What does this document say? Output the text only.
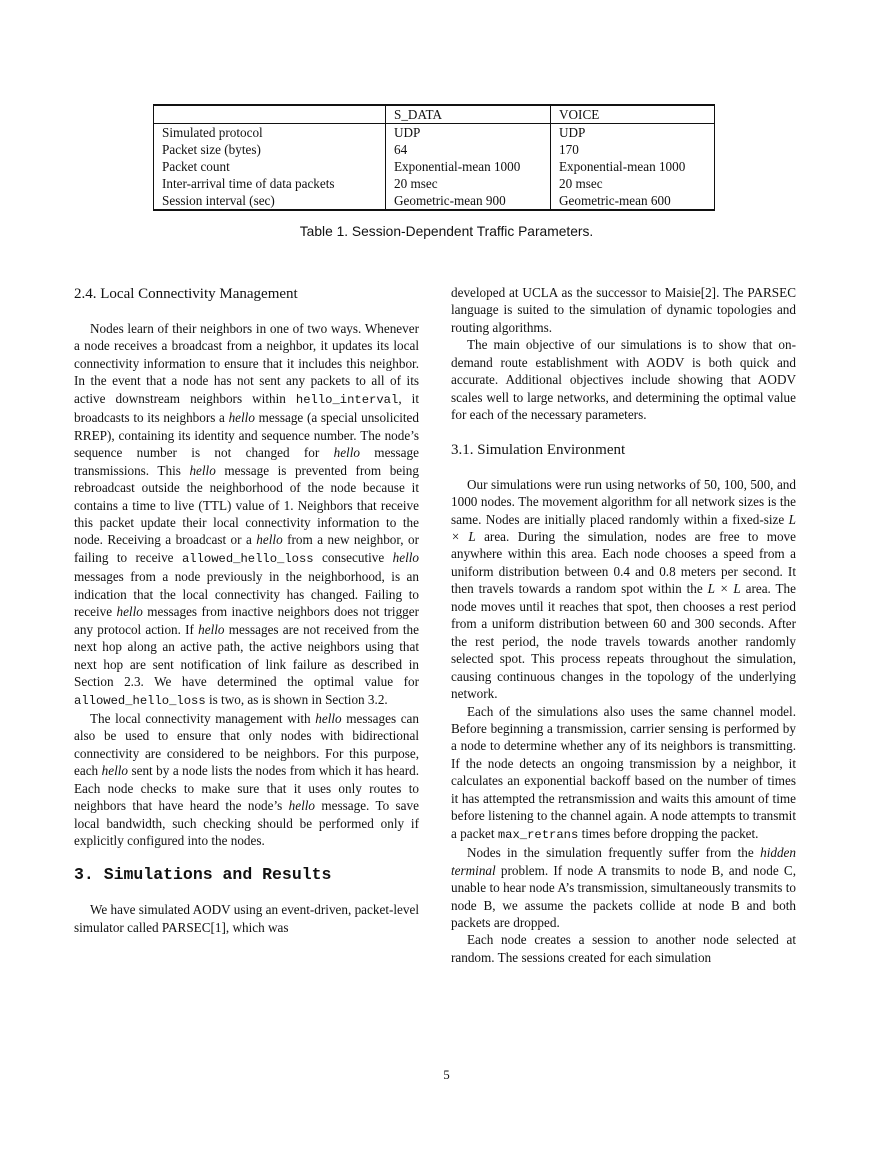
	S_DATA	VOICE
Simulated protocol	UDP	UDP
Packet size (bytes)	64	170
Packet count	Exponential-mean 1000	Exponential-mean 1000
Inter-arrival time of data packets	20 msec	20 msec
Session interval (sec)	Geometric-mean 900	Geometric-mean 600
Table 1. Session-Dependent Traffic Parameters.
2.4. Local Connectivity Management

Nodes learn of their neighbors in one of two ways. Whenever a node receives a broadcast from a neighbor, it updates its local connectivity information to ensure that it includes this neighbor. In the event that a node has not sent any packets to all of its active downstream neighbors within hello_interval, it broadcasts to its neighbors a hello message (a special unsolicited RREP), containing its identity and sequence number. The node’s sequence number is not changed for hello message transmissions. This hello message is prevented from being rebroadcast outside the neighborhood of the node because it contains a time to live (TTL) value of 1. Neighbors that receive this packet update their local connectivity information to the node. Receiving a broadcast or a hello from a new neighbor, or failing to receive allowed_hello_loss consecutive hello messages from a node previously in the neighborhood, is an indication that the local connectivity has changed. Failing to receive hello messages from inactive neighbors does not trigger any protocol action. If hello messages are not received from the next hop along an active path, the active neighbors using that next hop are sent notification of link failure as described in Section 2.3. We have determined the optimal value for allowed_hello_loss is two, as is shown in Section 3.2.

The local connectivity management with hello messages can also be used to ensure that only nodes with bidirectional connectivity are considered to be neighbors. For this purpose, each hello sent by a node lists the nodes from which it has heard. Each node checks to make sure that it uses only routes to neighbors that have heard the node’s hello message. To save local bandwidth, such checking should be performed only if explicitly configured into the nodes.

3. Simulations and Results

We have simulated AODV using an event-driven, packet-level simulator called PARSEC[1], which was

developed at UCLA as the successor to Maisie[2]. The PARSEC language is suited to the simulation of dynamic topologies and routing algorithms.

The main objective of our simulations is to show that on-demand route establishment with AODV is both quick and accurate. Additional objectives include showing that AODV scales well to large networks, and determining the optimal value for each of the necessary parameters.

3.1. Simulation Environment

Our simulations were run using networks of 50, 100, 500, and 1000 nodes. The movement algorithm for all network sizes is the same. Nodes are initially placed randomly within a fixed-size L × L area. During the simulation, nodes are free to move anywhere within this area. Each node chooses a speed from a uniform distribution between 0.4 and 0.8 meters per second. It then travels towards a random spot within the L × L area. The node moves until it reaches that spot, then chooses a rest period from a uniform distribution between 60 and 300 seconds. After the rest period, the node travels towards another randomly selected spot. This process repeats throughout the simulation, causing continuous changes in the topology of the underlying network.

Each of the simulations also uses the same channel model. Before beginning a transmission, carrier sensing is performed by a node to determine whether any of its neighbors is transmitting. If the node detects an ongoing transmission by a neighbor, it calculates an exponential backoff based on the number of times it has attempted the retransmission and waits this amount of time before listening to the channel again. A node attempts to transmit a packet max_retrans times before dropping the packet.

Nodes in the simulation frequently suffer from the hidden terminal problem. If node A transmits to node B, and node C, unable to hear node A’s transmission, simultaneously transmits to node B, we assume the packets collide at node B and both packets are dropped.

Each node creates a session to another node selected at random. The sessions created for each simulation

5
